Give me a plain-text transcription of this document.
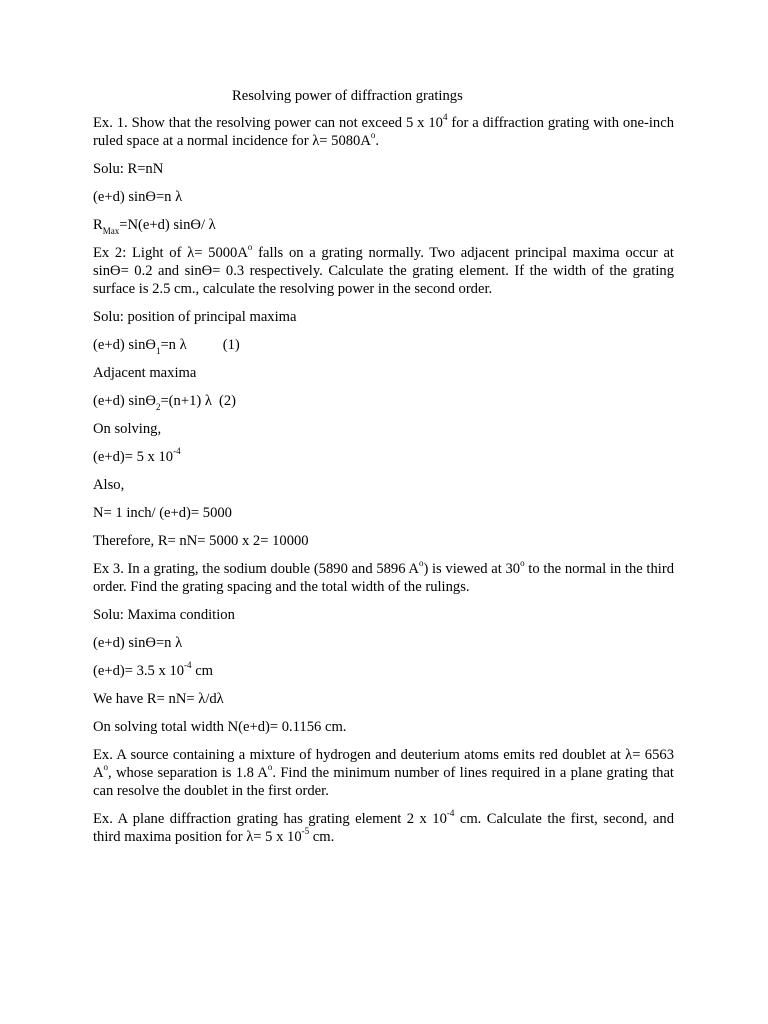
Resolving power of diffraction gratings

Ex. 1. Show that the resolving power can not exceed 5 x $10^4$ for a diffraction grating with one-inch ruled space at a normal incidence for $\lambda= 5080A^o$.

Solu: R=nN

(e+d) sinϴ=n λ

$R_{Max}=N(e+d)$ sinϴ/ λ

Ex 2: Light of $\lambda= 5000A^o$ falls on a grating normally. Two adjacent principal maxima occur at sinϴ= 0.2 and sinϴ= 0.3 respectively. Calculate the grating element. If the width of the grating surface is 2.5 cm., calculate the resolving power in the second order.

Solu: position of principal maxima

(e+d) sinϴ$_1$=n λ (1)

Adjacent maxima

(e+d) sinϴ$_2$=(n+1) λ (2)

On solving,

(e+d)= 5 x $10^{-4}$

Also,

N= 1 inch/ (e+d)= 5000

Therefore, R= nN= 5000 x 2= 10000

Ex 3. In a grating, the sodium double (5890 and 5896 $A^o$) is viewed at 30$^o$ to the normal in the third order. Find the grating spacing and the total width of the rulings.

Solu: Maxima condition

(e+d) sinϴ=n λ

(e+d)= 3.5 x $10^{-4}$ cm

We have R= nN= λ/dλ

On solving total width N(e+d)= 0.1156 cm.

Ex. A source containing a mixture of hydrogen and deuterium atoms emits red doublet at λ= 6563 $A^o$, whose separation is 1.8 $A^o$. Find the minimum number of lines required in a plane grating that can resolve the doublet in the first order.

Ex. A plane diffraction grating has grating element 2 x $10^{-4}$ cm. Calculate the first, second, and third maxima position for λ= 5 x $10^{-5}$ cm.
